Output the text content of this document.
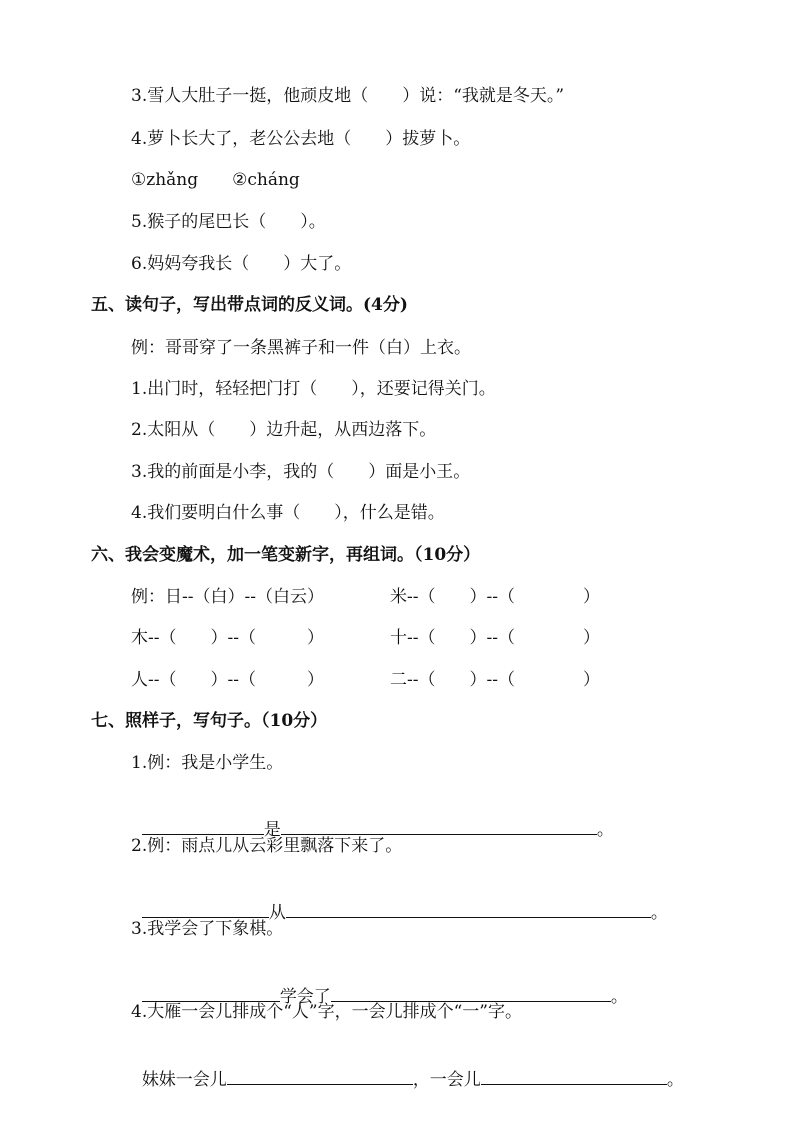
3.雪人大肚子一挺，他顽皮地（　　）说：“我就是冬天。”
4.萝卜长大了，老公公去地（　　）拔萝卜。
①zhǎng　　②cháng
5.猴子的尾巴长（　　）。
6.妈妈夸我长（　　）大了。
五、读句子，写出带点词的反义词。(4分)
例：哥哥穿了一条黑裤子和一件（白）上衣。
1.出门时，轻轻把门打（　　），还要记得关门。
2.太阳从（　　）边升起，从西边落下。
3.我的前面是小李，我的（　　）面是小王。
4.我们要明白什么事（　　），什么是错。
六、我会变魔术，加一笔变新字，再组词。（10分）
例：日--（白）--（白云）	米--（　　）--（　　　　）
木--（　　）--（　　　）	十--（　　）--（　　　　）
人--（　　）--（　　　）	二--（　　）--（　　　　）
七、照样子，写句子。（10分）
1.例：我是小学生。

是	。

2.例：雨点儿从云彩里飘落下来了。

从	。

3.我学会了下象棋。

学会了	。

4.大雁一会儿排成个“人”字，一会儿排成个“一”字。

妹妹一会儿	，一会儿	。
